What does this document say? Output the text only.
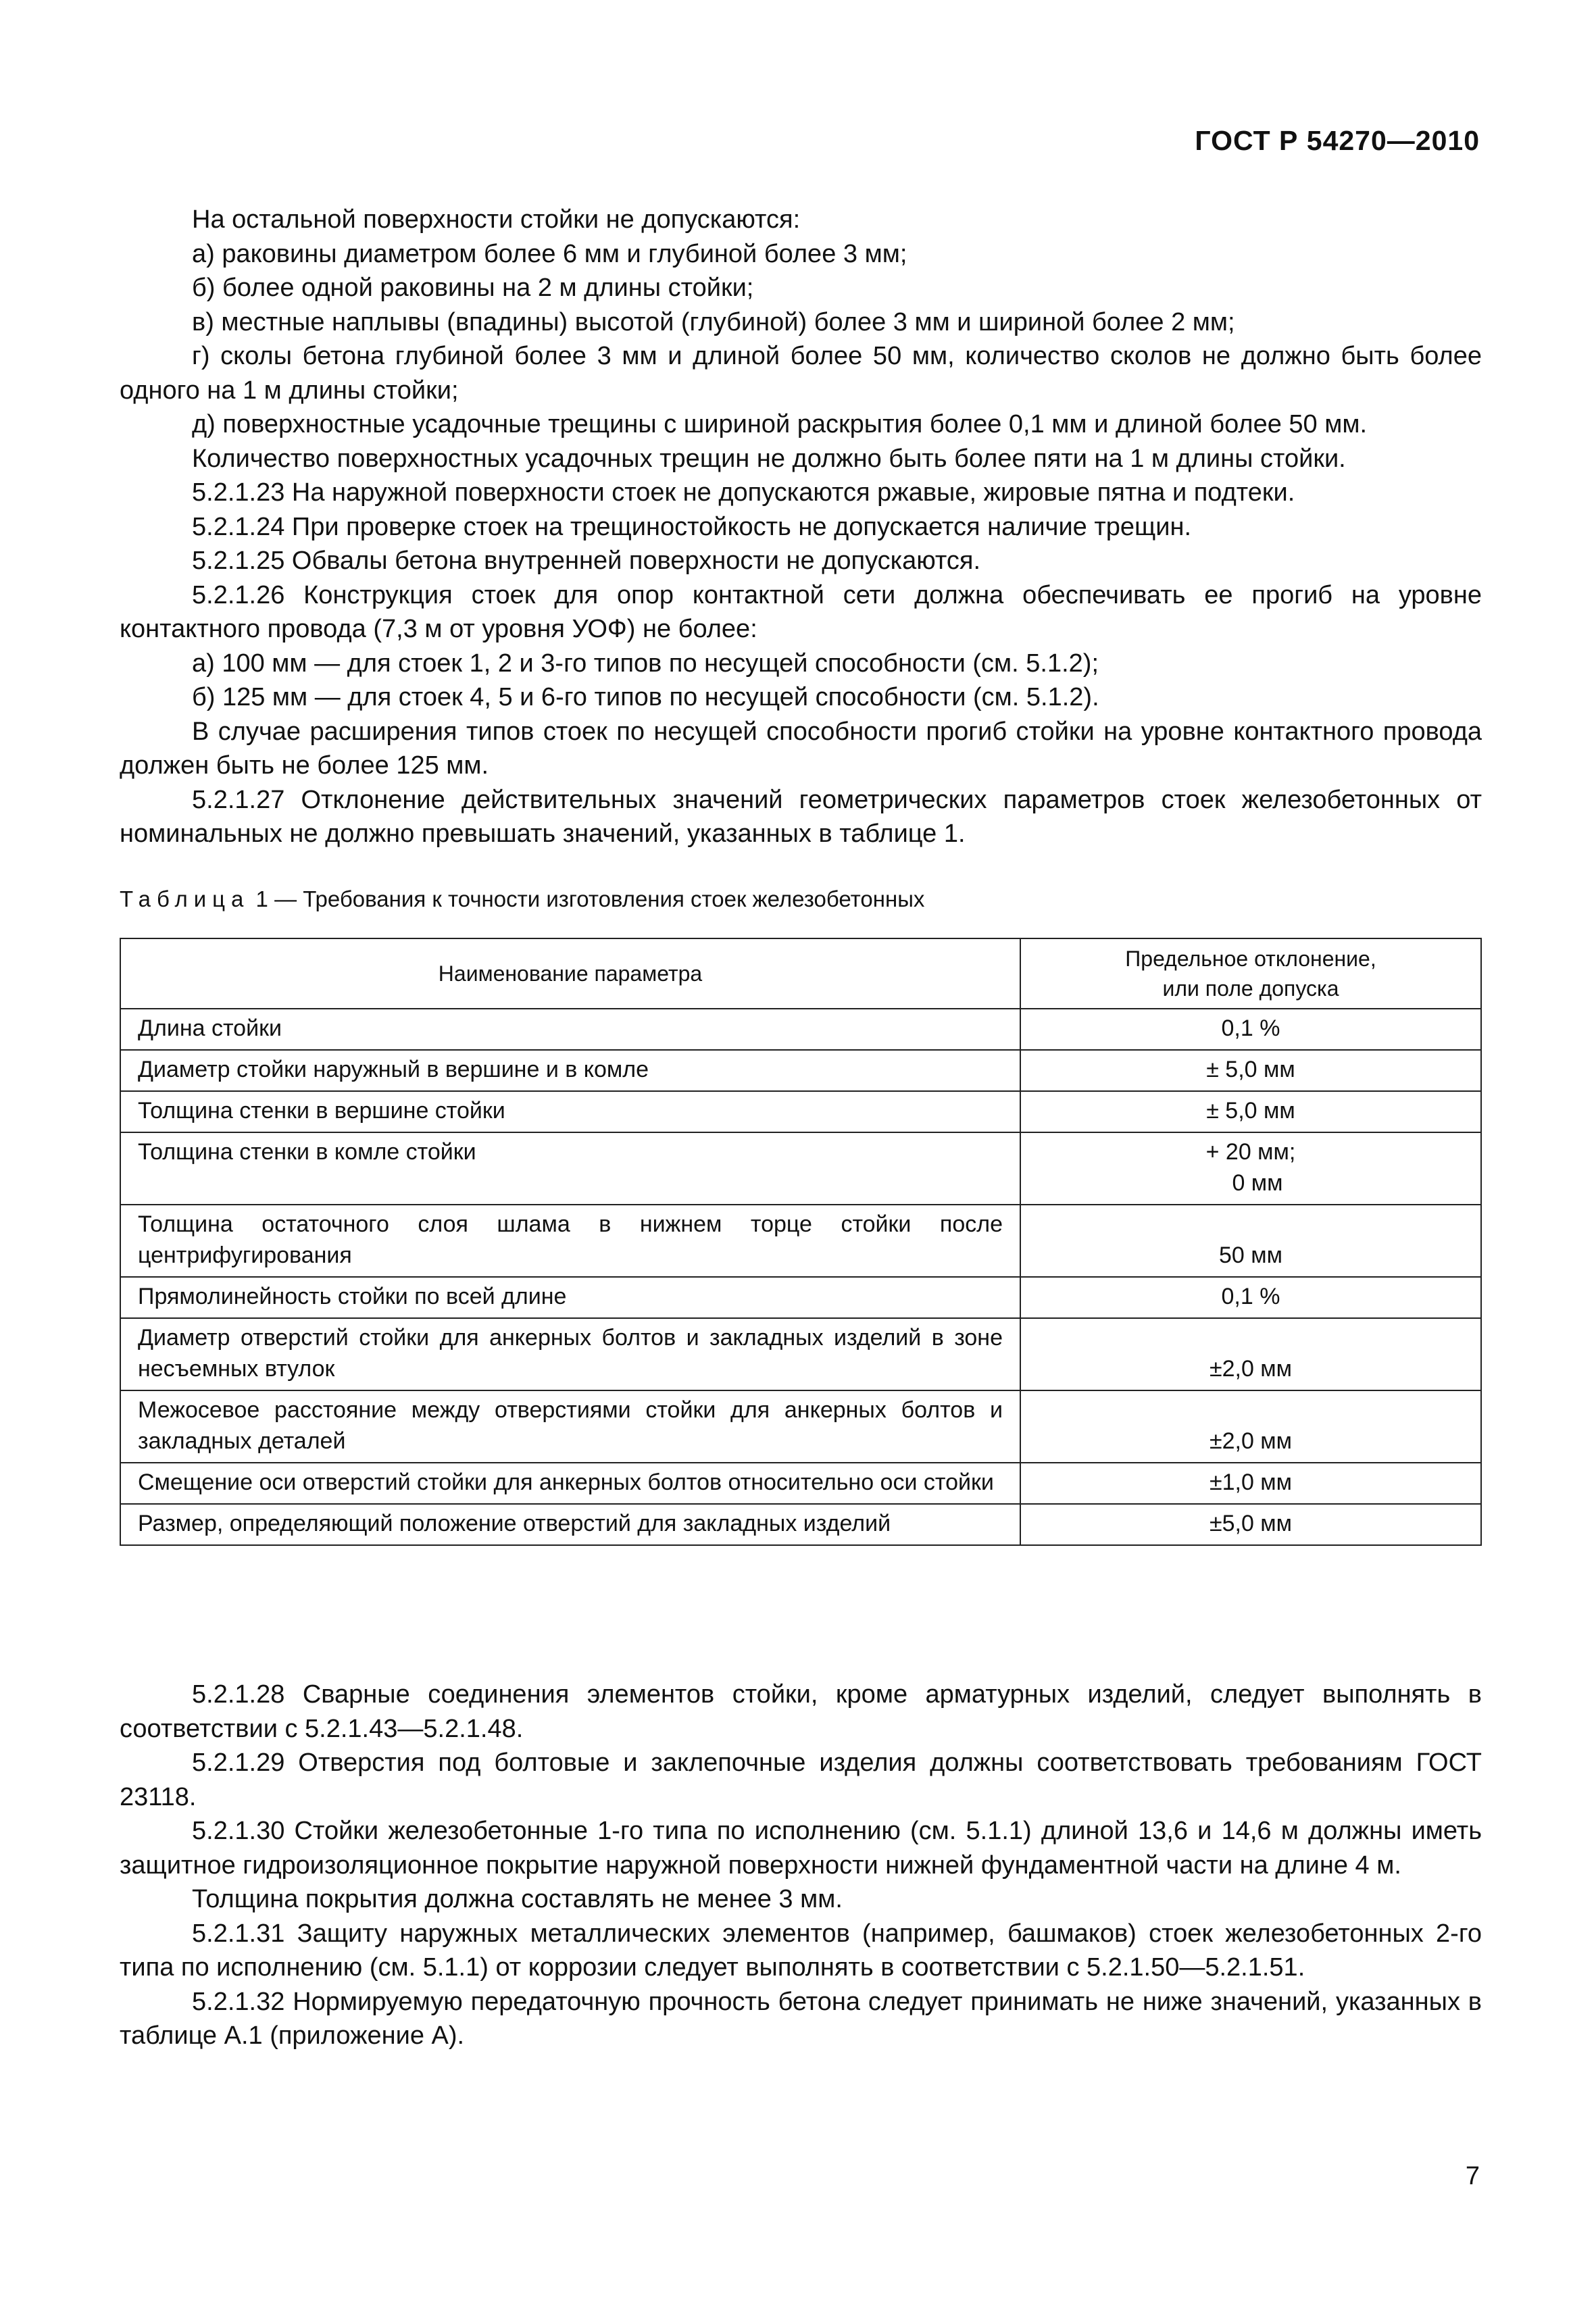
ГОСТ Р 54270—2010

На остальной поверхности стойки не допускаются:

а) раковины диаметром более 6 мм и глубиной более 3 мм;

б) более одной раковины на 2 м длины стойки;

в) местные наплывы (впадины) высотой (глубиной) более 3 мм и шириной более 2 мм;

г) сколы бетона глубиной более 3 мм и длиной более 50 мм, количество сколов не должно быть более одного на 1 м длины стойки;

д) поверхностные усадочные трещины с шириной раскрытия более 0,1 мм и длиной более 50 мм.

Количество поверхностных усадочных трещин не должно быть более пяти на 1 м длины стойки.

5.2.1.23 На наружной поверхности стоек не допускаются ржавые, жировые пятна и подтеки.

5.2.1.24 При проверке стоек на трещиностойкость не допускается наличие трещин.

5.2.1.25 Обвалы бетона внутренней поверхности не допускаются.

5.2.1.26 Конструкция стоек для опор контактной сети должна обеспечивать ее прогиб на уровне контактного провода (7,3 м от уровня УОФ) не более:

а) 100 мм — для стоек 1, 2 и 3-го типов по несущей способности (см. 5.1.2);

б) 125 мм — для стоек 4, 5 и 6-го типов по несущей способности (см. 5.1.2).

В случае расширения типов стоек по несущей способности прогиб стойки на уровне контактного провода должен быть не более 125 мм.

5.2.1.27 Отклонение действительных значений геометрических параметров стоек железобетонных от номинальных не должно превышать значений, указанных в таблице 1.

Таблица 1 — Требования к точности изготовления стоек железобетонных
Наименование параметра	Предельное отклонение,
или поле допуска
Длина стойки	0,1 %
Диаметр стойки наружный в вершине и в комле	± 5,0 мм
Толщина стенки в вершине стойки	± 5,0 мм
Толщина стенки в комле стойки	+ 20 мм;
0 мм
Толщина остаточного слоя шлама в нижнем торце стойки после центрифугирования	50 мм
Прямолинейность стойки по всей длине	0,1 %
Диаметр отверстий стойки для анкерных болтов и закладных изделий в зоне несъемных втулок	±2,0 мм
Межосевое расстояние между отверстиями стойки для анкерных болтов и закладных деталей	±2,0 мм
Смещение оси отверстий стойки для анкерных болтов относительно оси стойки	±1,0 мм
Размер, определяющий положение отверстий для закладных изделий	±5,0 мм

5.2.1.28 Сварные соединения элементов стойки, кроме арматурных изделий, следует выполнять в соответствии с 5.2.1.43—5.2.1.48.

5.2.1.29 Отверстия под болтовые и заклепочные изделия должны соответствовать требованиям ГОСТ 23118.

5.2.1.30 Стойки железобетонные 1-го типа по исполнению (см. 5.1.1) длиной 13,6 и 14,6 м должны иметь защитное гидроизоляционное покрытие наружной поверхности нижней фундаментной части на длине 4 м.

Толщина покрытия должна составлять не менее 3 мм.

5.2.1.31 Защиту наружных металлических элементов (например, башмаков) стоек железобетонных 2-го типа по исполнению (см. 5.1.1) от коррозии следует выполнять в соответствии с 5.2.1.50—5.2.1.51.

5.2.1.32 Нормируемую передаточную прочность бетона следует принимать не ниже значений, указанных в таблице А.1 (приложение А).

7
